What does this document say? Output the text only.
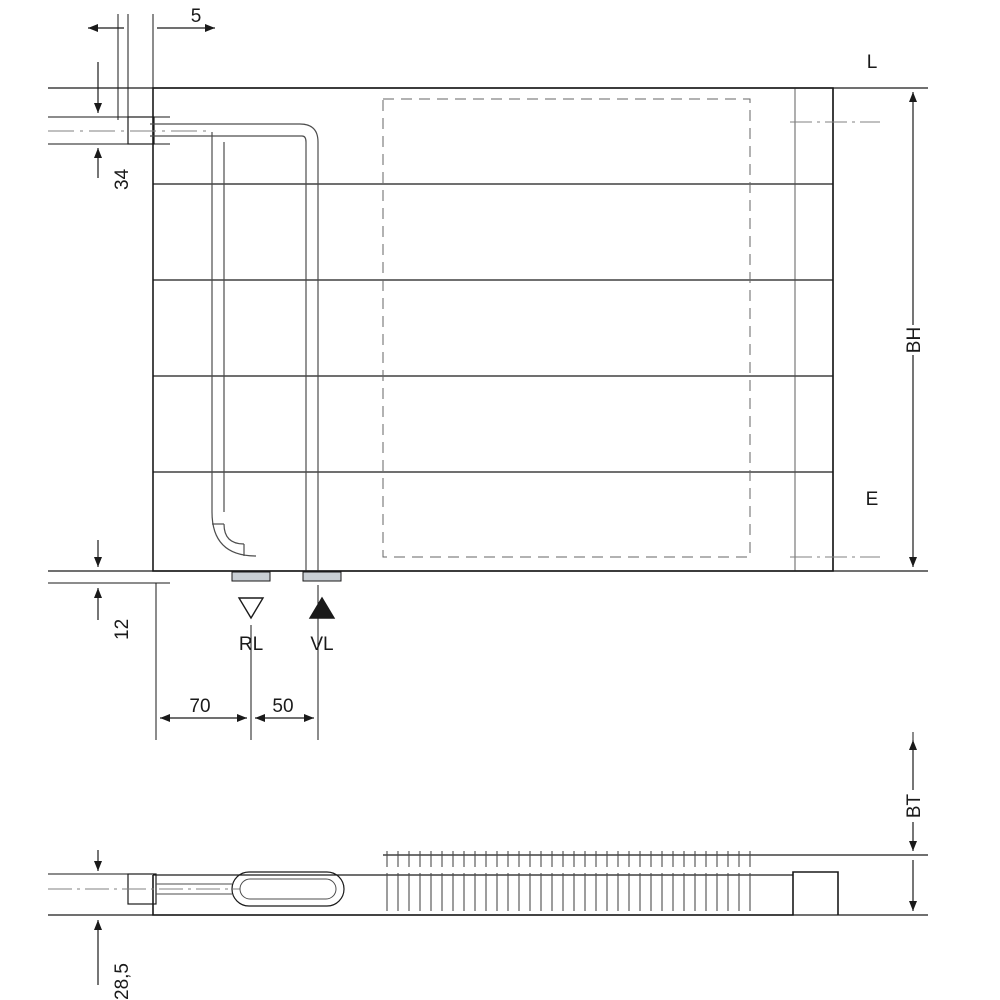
5
34
12
RL VL
70	50
L
E
BH
BT
28,5
